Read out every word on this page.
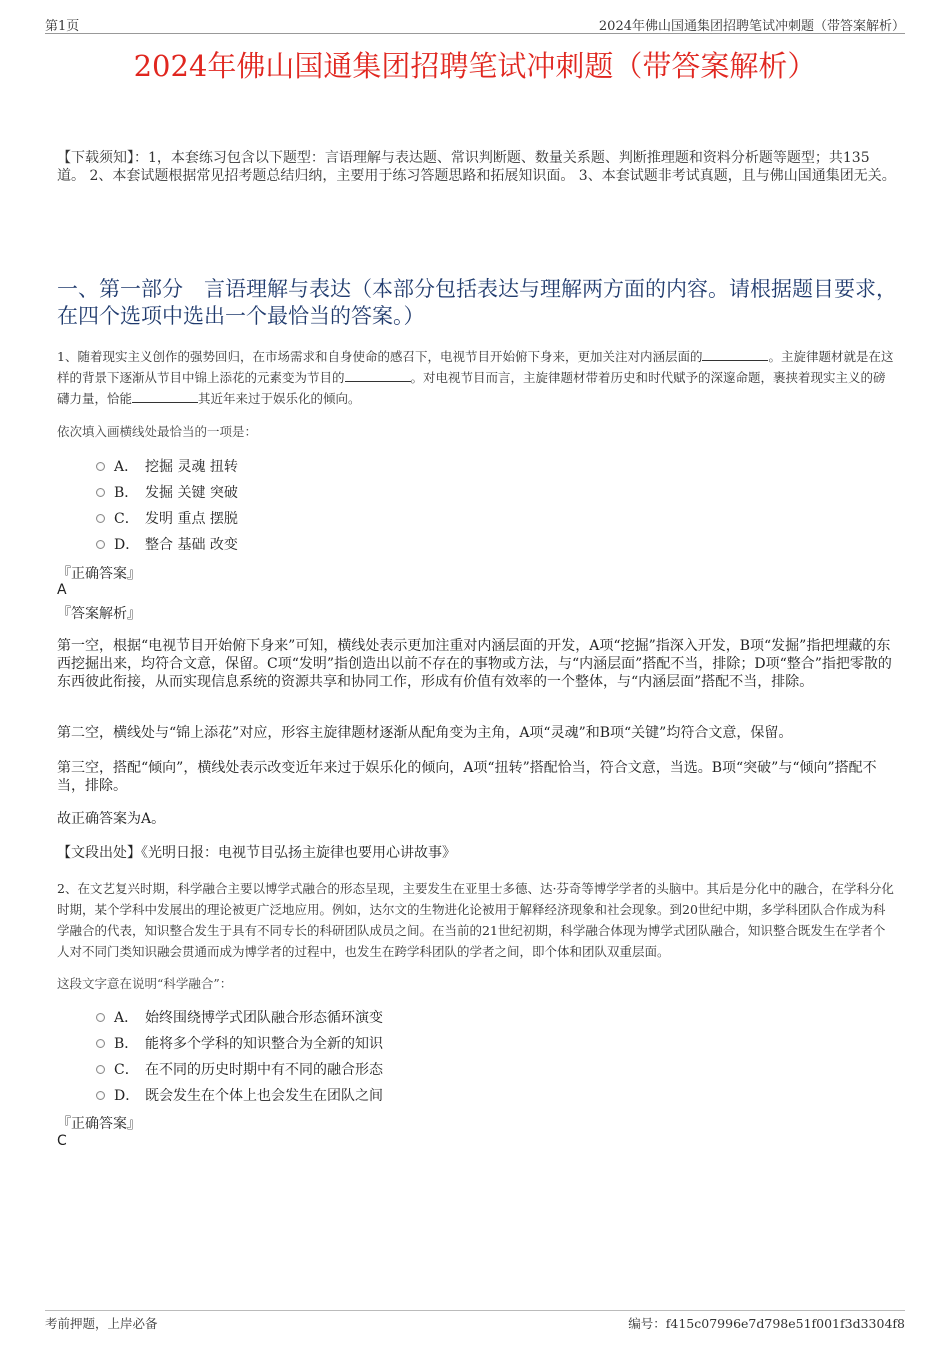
第1页	2024年佛山国通集团招聘笔试冲刺题（带答案解析）
2024年佛山国通集团招聘笔试冲刺题（带答案解析）
【下载须知】：1，本套练习包含以下题型：言语理解与表达题、常识判断题、数量关系题、判断推理题和资料分析题等题型；共135道。 2、本套试题根据常见招考题总结归纳，主要用于练习答题思路和拓展知识面。 3、本套试题非考试真题，且与佛山国通集团无关。
一、第一部分　言语理解与表达（本部分包括表达与理解两方面的内容。请根据题目要求，在四个选项中选出一个最恰当的答案。）
1、随着现实主义创作的强势回归，在市场需求和自身使命的感召下，电视节目开始俯下身来，更加关注对内涵层面的	。主旋律题材就是在这样的背景下逐渐从节目中锦上添花的元素变为节目的	。对电视节目而言，主旋律题材带着历史和时代赋予的深邃命题，裹挟着现实主义的磅礴力量，恰能	其近年来过于娱乐化的倾向。
依次填入画横线处最恰当的一项是：
A． 挖掘 灵魂 扭转
B． 发掘 关键 突破
C． 发明 重点 摆脱
D． 整合 基础 改变
『正确答案』
A
『答案解析』
第一空，根据“电视节目开始俯下身来”可知，横线处表示更加注重对内涵层面的开发，A项“挖掘”指深入开发，B项“发掘”指把埋藏的东西挖掘出来，均符合文意，保留。C项“发明”指创造出以前不存在的事物或方法，与“内涵层面”搭配不当，排除；D项“整合”指把零散的东西彼此衔接，从而实现信息系统的资源共享和协同工作，形成有价值有效率的一个整体，与“内涵层面”搭配不当，排除。
第二空，横线处与“锦上添花”对应，形容主旋律题材逐渐从配角变为主角，A项“灵魂”和B项“关键”均符合文意，保留。
第三空，搭配“倾向”，横线处表示改变近年来过于娱乐化的倾向，A项“扭转”搭配恰当，符合文意，当选。B项“突破”与“倾向”搭配不当，排除。
故正确答案为A。
【文段出处】《光明日报：电视节目弘扬主旋律也要用心讲故事》
2、在文艺复兴时期，科学融合主要以博学式融合的形态呈现，主要发生在亚里士多德、达·芬奇等博学学者的头脑中。其后是分化中的融合，在学科分化时期，某个学科中发展出的理论被更广泛地应用。例如，达尔文的生物进化论被用于解释经济现象和社会现象。到20世纪中期，多学科团队合作成为科学融合的代表，知识整合发生于具有不同专长的科研团队成员之间。在当前的21世纪初期，科学融合体现为博学式团队融合，知识整合既发生在学者个人对不同门类知识融会贯通而成为博学者的过程中，也发生在跨学科团队的学者之间，即个体和团队双重层面。
这段文字意在说明“科学融合”：
A． 始终围绕博学式团队融合形态循环演变
B． 能将多个学科的知识整合为全新的知识
C． 在不同的历史时期中有不同的融合形态
D． 既会发生在个体上也会发生在团队之间
『正确答案』
C
考前押题，上岸必备	编号：f415c07996e7d798e51f001f3d3304f8
